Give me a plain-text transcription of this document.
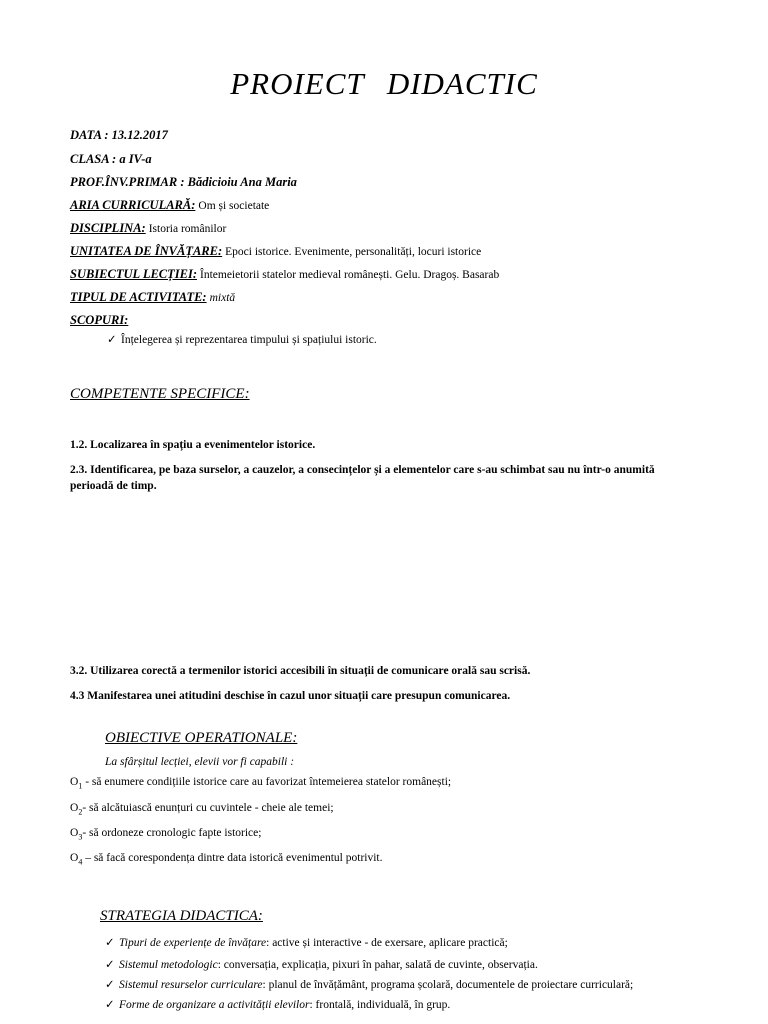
PROIECT DIDACTIC
DATA : 13.12.2017
CLASA : a IV-a
PROF.ÎNV.PRIMAR : Bădicioiu Ana Maria
ARIA CURRICULARĂ: Om și societate
DISCIPLINA: Istoria românilor
UNITATEA DE ÎNVĂȚARE: Epoci istorice. Evenimente, personalități, locuri istorice
SUBIECTUL LECȚIEI: Întemeietorii statelor medieval românești. Gelu. Dragoș. Basarab
TIPUL DE ACTIVITATE: mixtă
SCOPURI:
✓ Înțelegerea și reprezentarea timpului și spațiului istoric.
COMPETENTE SPECIFICE:
1.2. Localizarea în spațiu a evenimentelor istorice.
2.3. Identificarea, pe baza surselor, a cauzelor, a consecințelor și a elementelor care s-au schimbat sau nu într-o anumită perioadă de timp.
3.2. Utilizarea corectă a termenilor istorici accesibili în situații de comunicare orală sau scrisă.
4.3 Manifestarea unei atitudini deschise în cazul unor situații care presupun comunicarea.
OBIECTIVE OPERATIONALE:
La sfârșitul lecției, elevii vor fi capabili :
$O_1$ - să enumere condițiile istorice care au favorizat întemeierea statelor românești;
$O_2-$ să alcătuiască enunțuri cu cuvintele - cheie ale temei;
$O_3-$ să ordoneze cronologic fapte istorice;
$O_4$ – să facă corespondența dintre data istorică evenimentul potrivit.
STRATEGIA DIDACTICA:
✓ Tipuri de experiențe de învățare: active și interactive - de exersare, aplicare practică;
✓ Sistemul metodologic: conversația, explicația, pixuri în pahar, salată de cuvinte, observația.
✓ Sistemul resurselor curriculare: planul de învățământ, programa școlară, documentele de proiectare curriculară;
✓ Forme de organizare a activității elevilor: frontală, individuală, în grup.
